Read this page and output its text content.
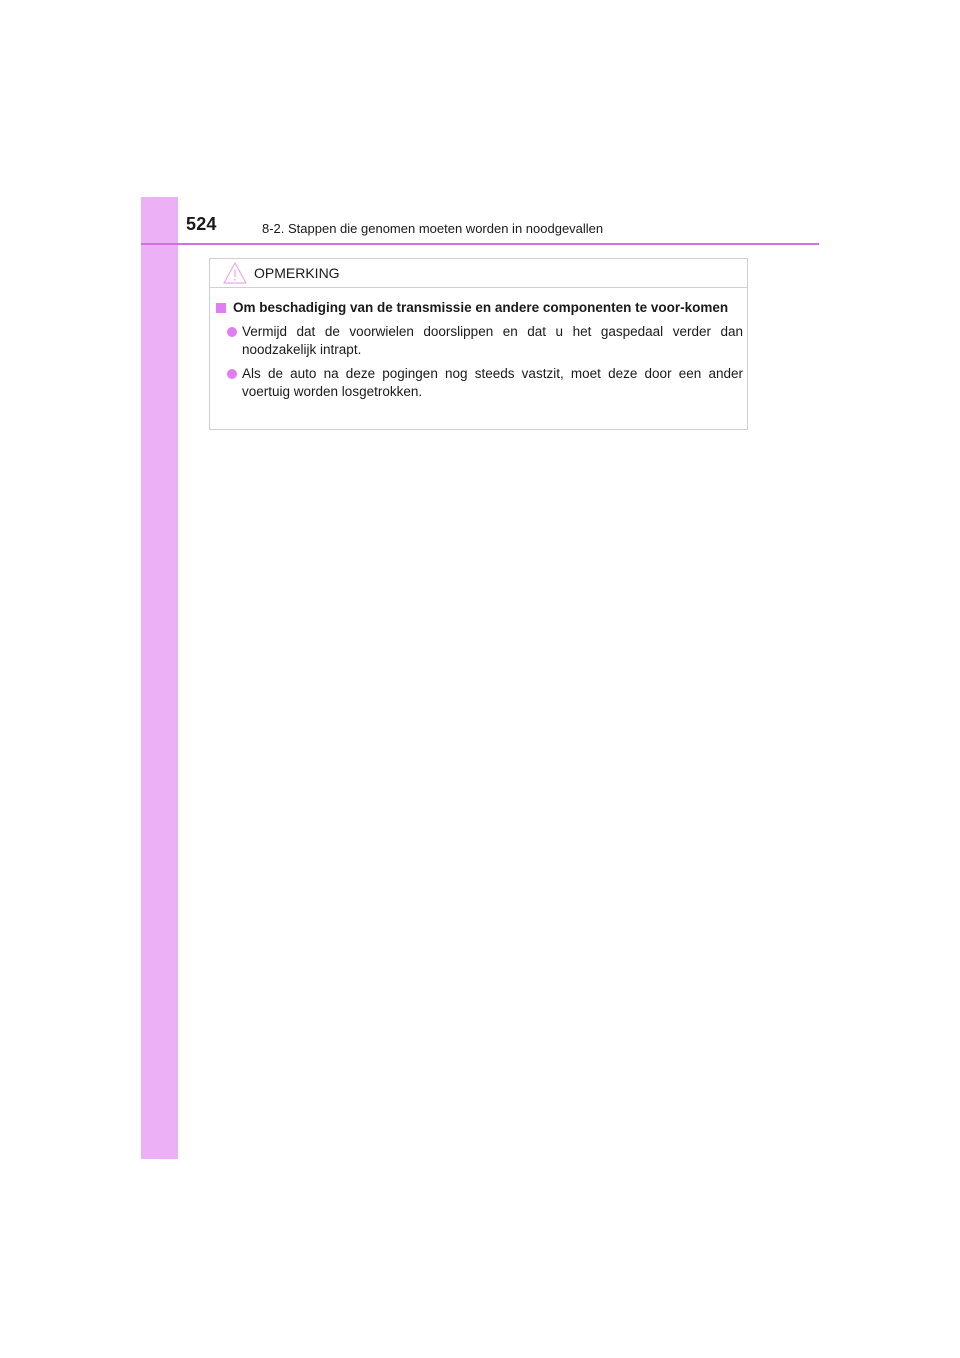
524	8-2. Stappen die genomen moeten worden in noodgevallen
OPMERKING
Om beschadiging van de transmissie en andere componenten te voor-komen
Vermijd dat de voorwielen doorslippen en dat u het gaspedaal verder dan noodzakelijk intrapt.
Als de auto na deze pogingen nog steeds vastzit, moet deze door een ander voertuig worden losgetrokken.
